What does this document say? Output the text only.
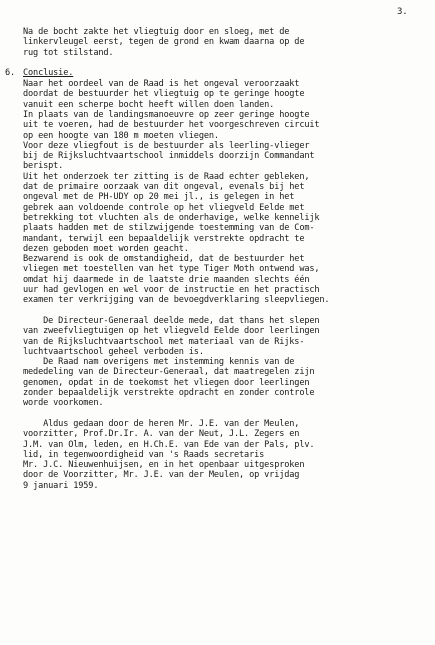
3.
Na de bocht zakte het vliegtuig door en sloeg, met de
linkervleugel eerst, tegen de grond en kwam daarna op de
rug tot stilstand.
6. Conclusie.
Naar het oordeel van de Raad is het ongeval veroorzaakt
doordat de bestuurder het vliegtuig op te geringe hoogte
vanuit een scherpe bocht heeft willen doen landen.
In plaats van de landingsmanoeuvre op zeer geringe hoogte
uit te voeren, had de bestuurder het voorgeschreven circuit
op een hoogte van 180 m moeten vliegen.
Voor deze vliegfout is de bestuurder als leerling-vlieger
bij de Rijksluchtvaartschool inmiddels doorzijn Commandant
berispt.
Uit het onderzoek ter zitting is de Raad echter gebleken,
dat de primaire oorzaak van dit ongeval, evenals bij het
ongeval met de PH-UDY op 20 mei jl., is gelegen in het
gebrek aan voldoende controle op het vliegveld Eelde met
betrekking tot vluchten als de onderhavige, welke kennelijk
plaats hadden met de stilzwijgende toestemming van de Com-
mandant, terwijl een bepaaldelijk verstrekte opdracht te
dezen geboden moet worden geacht.
Bezwarend is ook de omstandigheid, dat de bestuurder het
vliegen met toestellen van het type Tiger Moth ontwend was,
omdat hij daarmede in de laatste drie maanden slechts één
uur had gevlogen en wel voor de instructie en het practisch
examen ter verkrijging van de bevoegdverklaring sleepvliegen.
De Directeur-Generaal deelde mede, dat thans het slepen
van zweefvliegtuigen op het vliegveld Eelde door leerlingen
van de Rijksluchtvaartschool met materiaal van de Rijks-
luchtvaartschool geheel verboden is.
De Raad nam overigens met instemming kennis van de
mededeling van de Directeur-Generaal, dat maatregelen zijn
genomen, opdat in de toekomst het vliegen door leerlingen
zonder bepaaldelijk verstrekte opdracht en zonder controle
worde voorkomen.
Aldus gedaan door de heren Mr. J.E. van der Meulen,
voorzitter, Prof.Dr.Ir. A. van der Neut, J.L. Zegers en
J.M. van Olm, leden, en H.Ch.E. van Ede van der Pals, plv.
lid, in tegenwoordigheid van 's Raads secretaris
Mr. J.C. Nieuwenhuijsen, en in het openbaar uitgesproken
door de Voorzitter, Mr. J.E. van der Meulen, op vrijdag
9 januari 1959.
